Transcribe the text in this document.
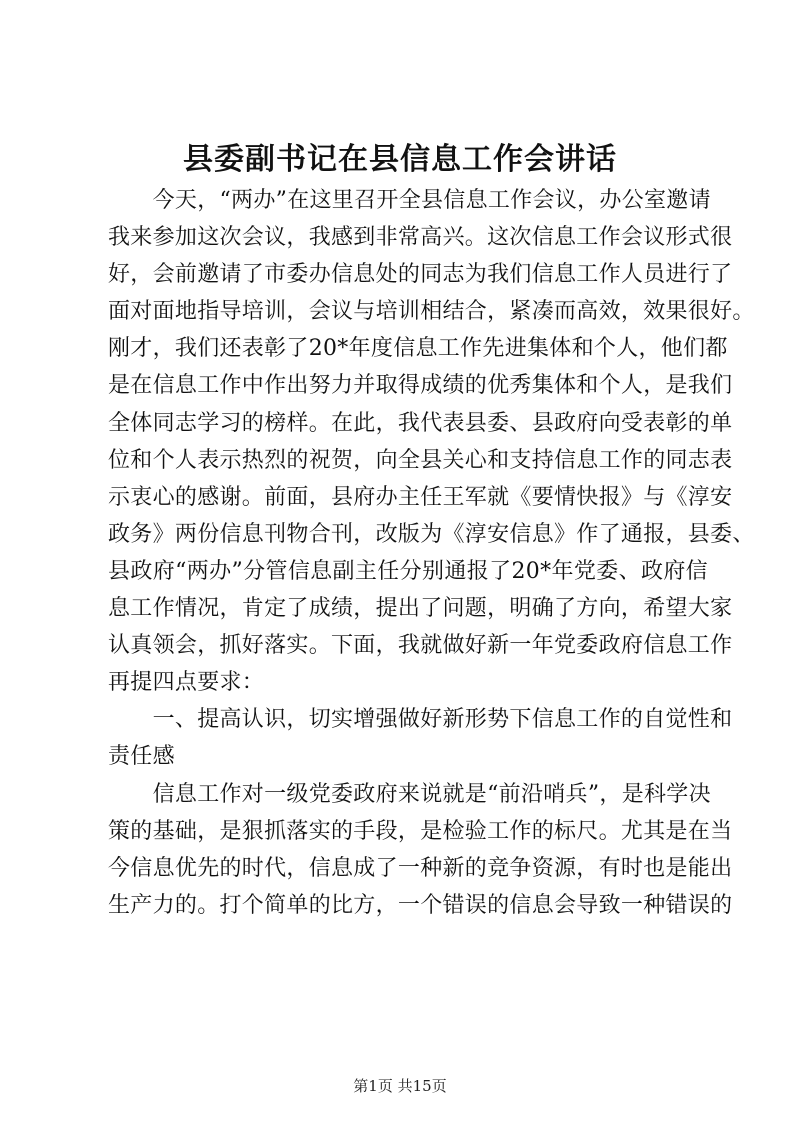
县委副书记在县信息工作会讲话
　　今天，“两办”在这里召开全县信息工作会议，办公室邀请
我来参加这次会议，我感到非常高兴。这次信息工作会议形式很
好，会前邀请了市委办信息处的同志为我们信息工作人员进行了
面对面地指导培训，会议与培训相结合，紧凑而高效，效果很好。
刚才，我们还表彰了20*年度信息工作先进集体和个人，他们都
是在信息工作中作出努力并取得成绩的优秀集体和个人，是我们
全体同志学习的榜样。在此，我代表县委、县政府向受表彰的单
位和个人表示热烈的祝贺，向全县关心和支持信息工作的同志表
示衷心的感谢。前面，县府办主任王军就《要情快报》与《淳安
政务》两份信息刊物合刊，改版为《淳安信息》作了通报，县委、
县政府“两办”分管信息副主任分别通报了20*年党委、政府信
息工作情况，肯定了成绩，提出了问题，明确了方向，希望大家
认真领会，抓好落实。下面，我就做好新一年党委政府信息工作
再提四点要求：
　　一、提高认识，切实增强做好新形势下信息工作的自觉性和
责任感
　　信息工作对一级党委政府来说就是“前沿哨兵”，是科学决
策的基础，是狠抓落实的手段，是检验工作的标尺。尤其是在当
今信息优先的时代，信息成了一种新的竞争资源，有时也是能出
生产力的。打个简单的比方，一个错误的信息会导致一种错误的
第1页 共15页
